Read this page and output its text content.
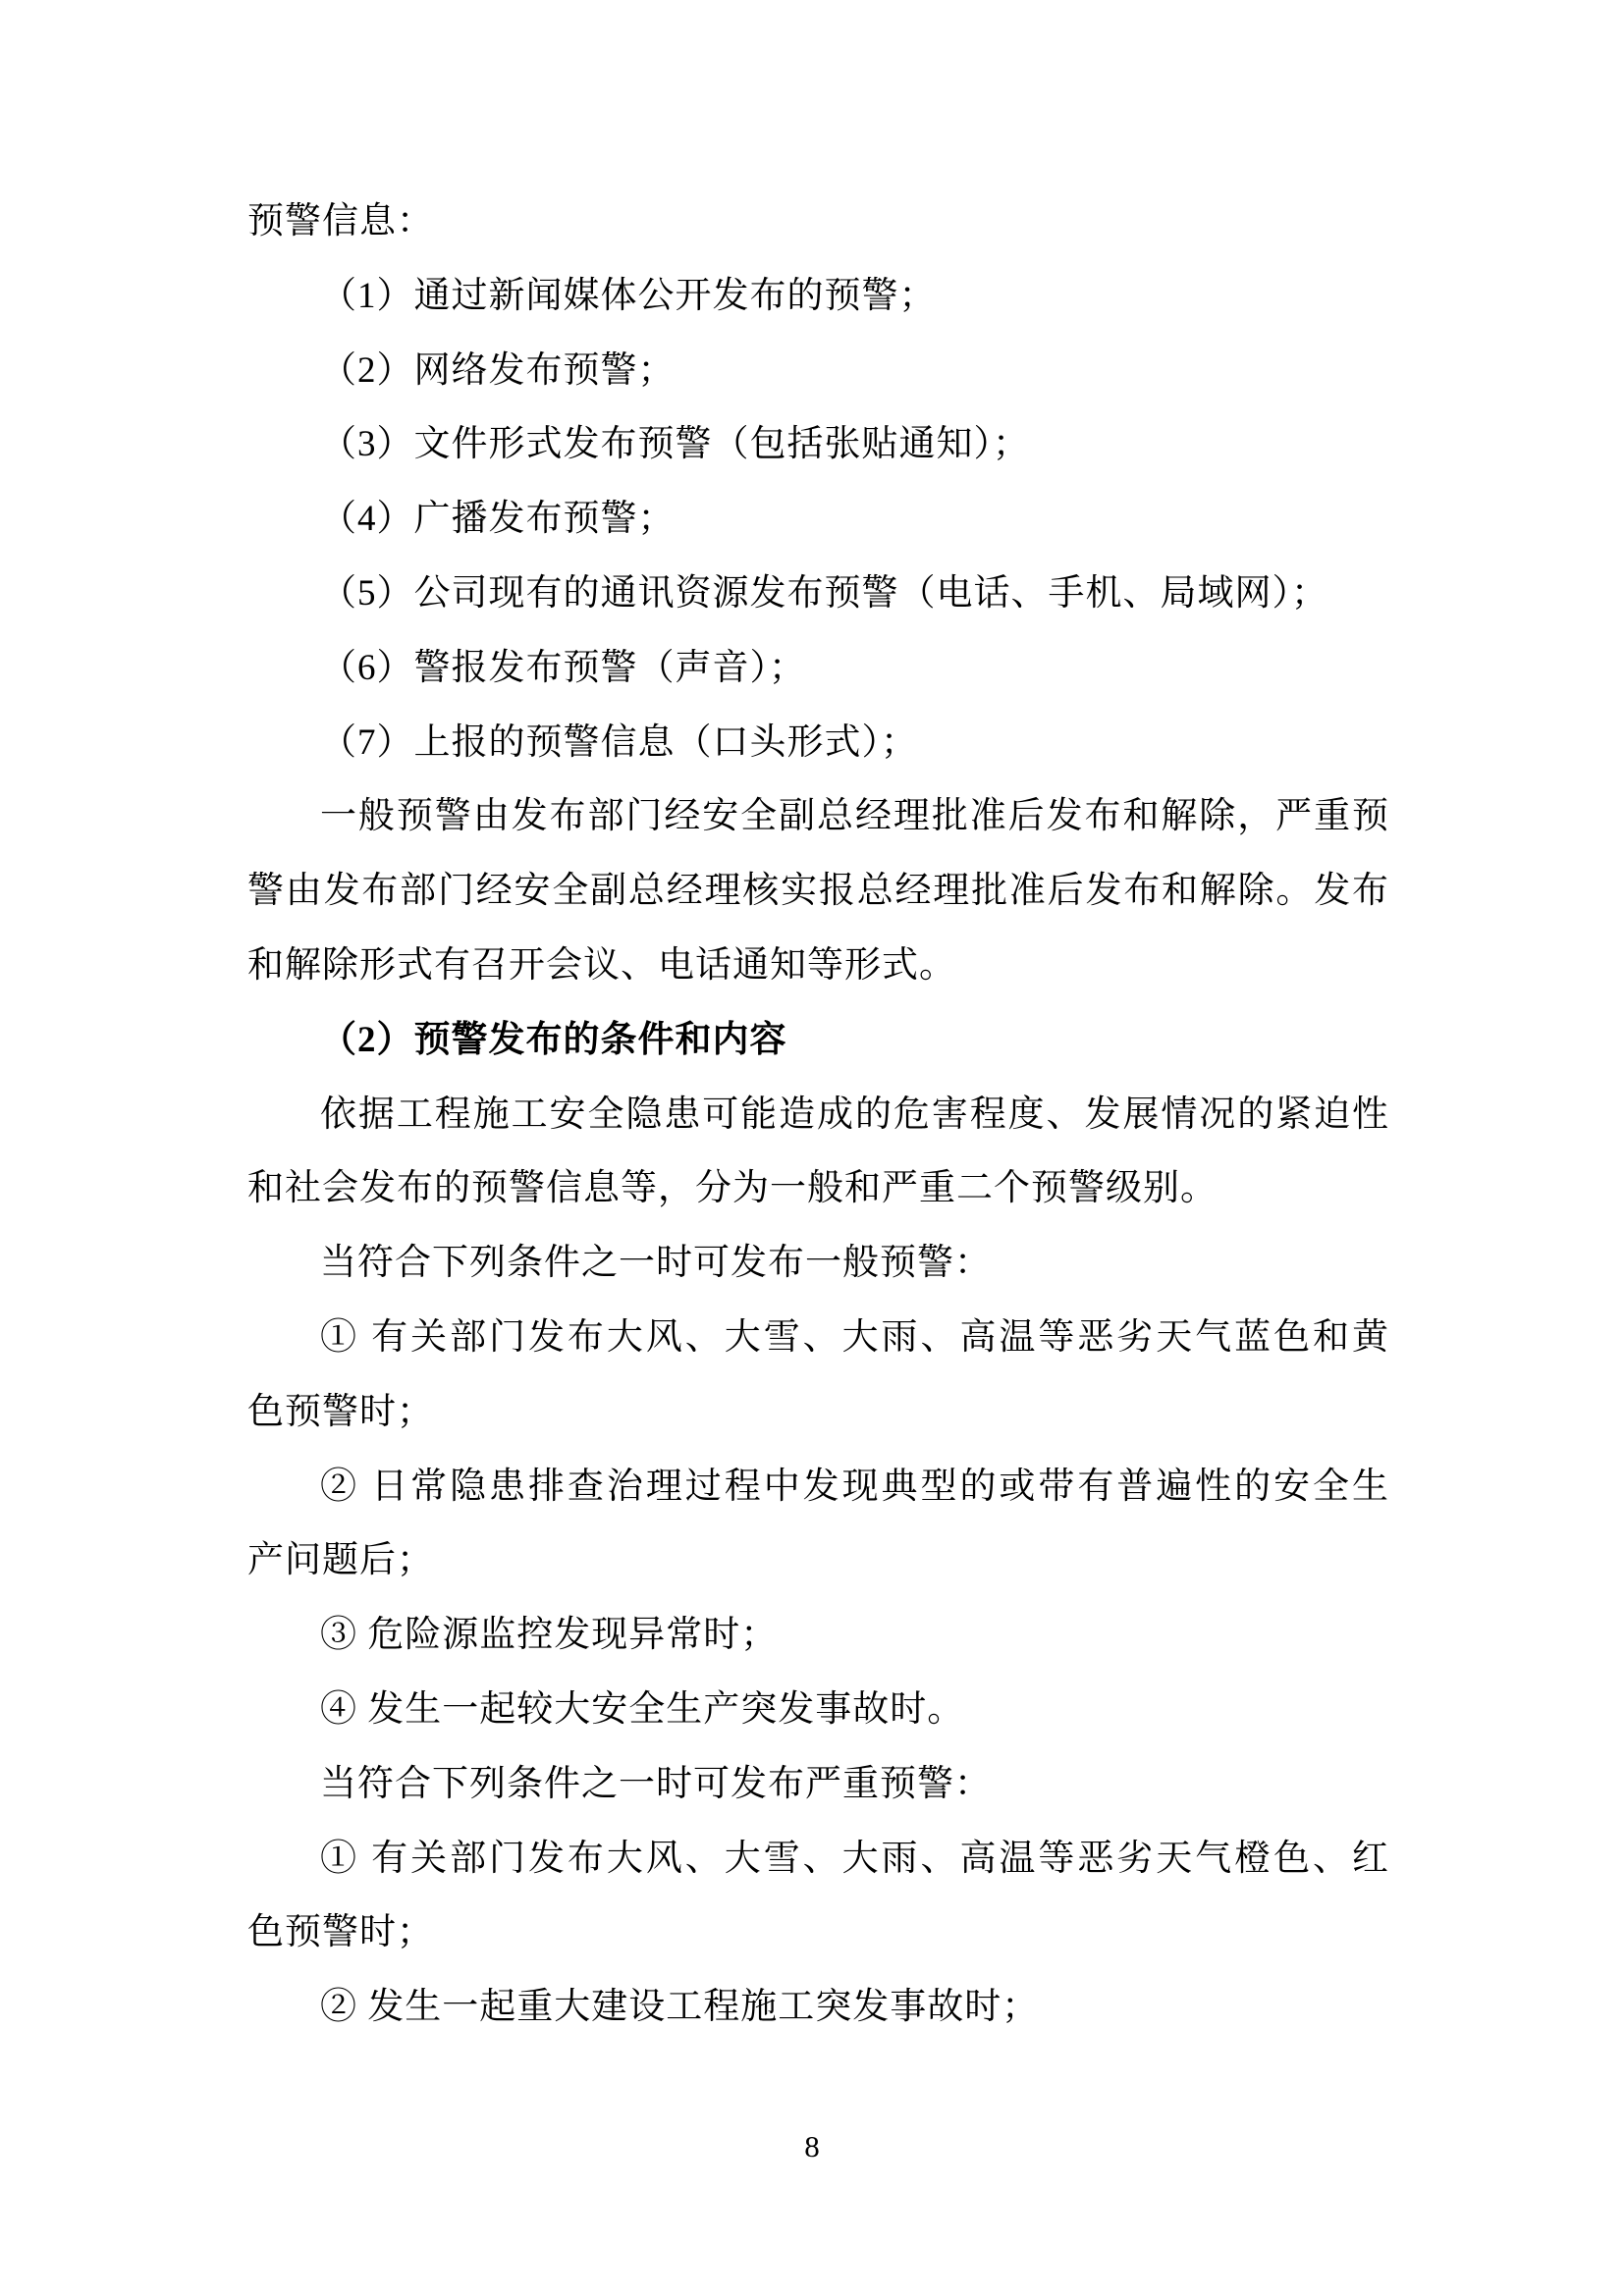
预警信息：
（1）通过新闻媒体公开发布的预警；
（2）网络发布预警；
（3）文件形式发布预警（包括张贴通知）；
（4）广播发布预警；
（5）公司现有的通讯资源发布预警（电话、手机、局域网）；
（6）警报发布预警（声音）；
（7）上报的预警信息（口头形式）；
一般预警由发布部门经安全副总经理批准后发布和解除，严重预
警由发布部门经安全副总经理核实报总经理批准后发布和解除。发布
和解除形式有召开会议、电话通知等形式。
（2）预警发布的条件和内容
依据工程施工安全隐患可能造成的危害程度、发展情况的紧迫性
和社会发布的预警信息等，分为一般和严重二个预警级别。
当符合下列条件之一时可发布一般预警：
① 有关部门发布大风、大雪、大雨、高温等恶劣天气蓝色和黄
色预警时；
② 日常隐患排查治理过程中发现典型的或带有普遍性的安全生
产问题后；
③ 危险源监控发现异常时；
④ 发生一起较大安全生产突发事故时。
当符合下列条件之一时可发布严重预警：
① 有关部门发布大风、大雪、大雨、高温等恶劣天气橙色、红
色预警时；
② 发生一起重大建设工程施工突发事故时；
8
